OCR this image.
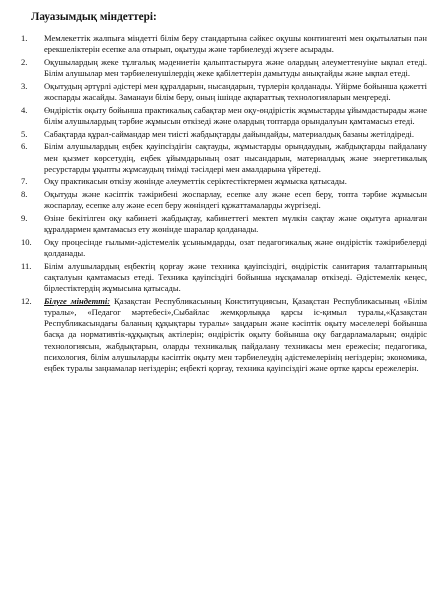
Лауазымдық міндеттері:
1. Мемлекеттік жалпыға міндетті білім беру стандартына сәйкес оқушы контингенті мен оқытылатын пән ерекшеліктерін есепке ала отырып, оқытуды және тәрбиелеуді жүзеге асырады.
2. Оқушылардың жеке тұлғалық мәдениетін қалыптастыруға және олардың әлеуметтенуіне ықпал етеді. Білім алушылар мен тәрбиеленушілердің жеке қабілеттерін дамытуды анықтайды және ықпал етеді.
3. Оқытудың әртүрлі әдістері мен құралдарын, нысандарын, түрлерін қолданады. Үйірме бойынша қажетті жоспарды жасайды. Заманауи білім беру, оның ішінде ақпараттық технологияларын меңгереді.
4. Өндірістік оқыту бойынша практикалық сабақтар мен оқу-өндірістік жұмыстарды ұйымдастырады және білім алушылардың тәрбие жұмысын өткізеді және олардың топтарда орындалуын қамтамасыз етеді.
5. Сабақтарда құрал-саймандар мен тиісті жабдықтарды дайындайды, материалдық базаны жетілдіреді.
6. Білім алушылардың еңбек қауіпсіздігін сақтауды, жұмыстарды орындаудың, жабдықтарды пайдалану мен қызмет көрсетудің, еңбек ұйымдарының озат нысандарын, материалдық және энергетикалық ресурстарды ұқыпты жұмсаудың тиімді тәсілдері мен амалдарына үйретеді.
7. Оқу практикасын өткізу жөнінде әлеуметтік серіктестіктермен жұмыска қатысады.
8. Оқытуды және кәсіптік тәжірибені жоспарлау, есепке алу және есеп беру, топта тәрбие жұмысын жоспарлау, есепке алу және есеп беру жөніндегі құжаттамаларды жүргізеді.
9. Өзіне бекітілген оқу кабинеті жабдықтау, кабинеттегі мектеп мүлкін сақтау және оқытуға арналған құралдармен қамтамасыз ету жөнінде шаралар қолданады.
10. Оқу процесінде ғылыми-әдістемелік ұсынымдарды, озат педагогикалық және өндірістік тәжірибелерді қолданады.
11. Білім алушылардың еңбектің қорғау және техника қауіпсіздігі, өндірістік санитария талаптарының сақталуын қамтамасыз етеді. Техника қауіпсіздігі бойынша нұсқамалар өткізеді. Әдістемелік кеңес, бірлестіктердің жұмысына қатысады.
12. Білуге міндетті: Қазақстан Республикасының Конституциясын, Қазақстан Республикасының «Білім туралы», «Педагог мәртебесі»,Сыбайлас жемқорлыққа қарсы іс-қимыл туралы,«Қазақстан Республикасындағы баланың құқықтары туралы» заңдарын және кәсіптік оқыту мәселелері бойынша басқа да нормативтік-құқықтық актілерін; өндірістік оқыту бойынша оқу бағдарламаларын; өндіріс технологиясын, жабдықтарын, оларды техникалық пайдалану техникасы мен ережесін; педагогика, психология, білім алушыларды кәсіптік оқыту мен тәрбиелеудің әдістемелерінің негіздерін; экономика, еңбек туралы заңнамалар негіздерін; еңбекті қорғау, техника қауіпсіздігі және өртке қарсы ережелерін.
